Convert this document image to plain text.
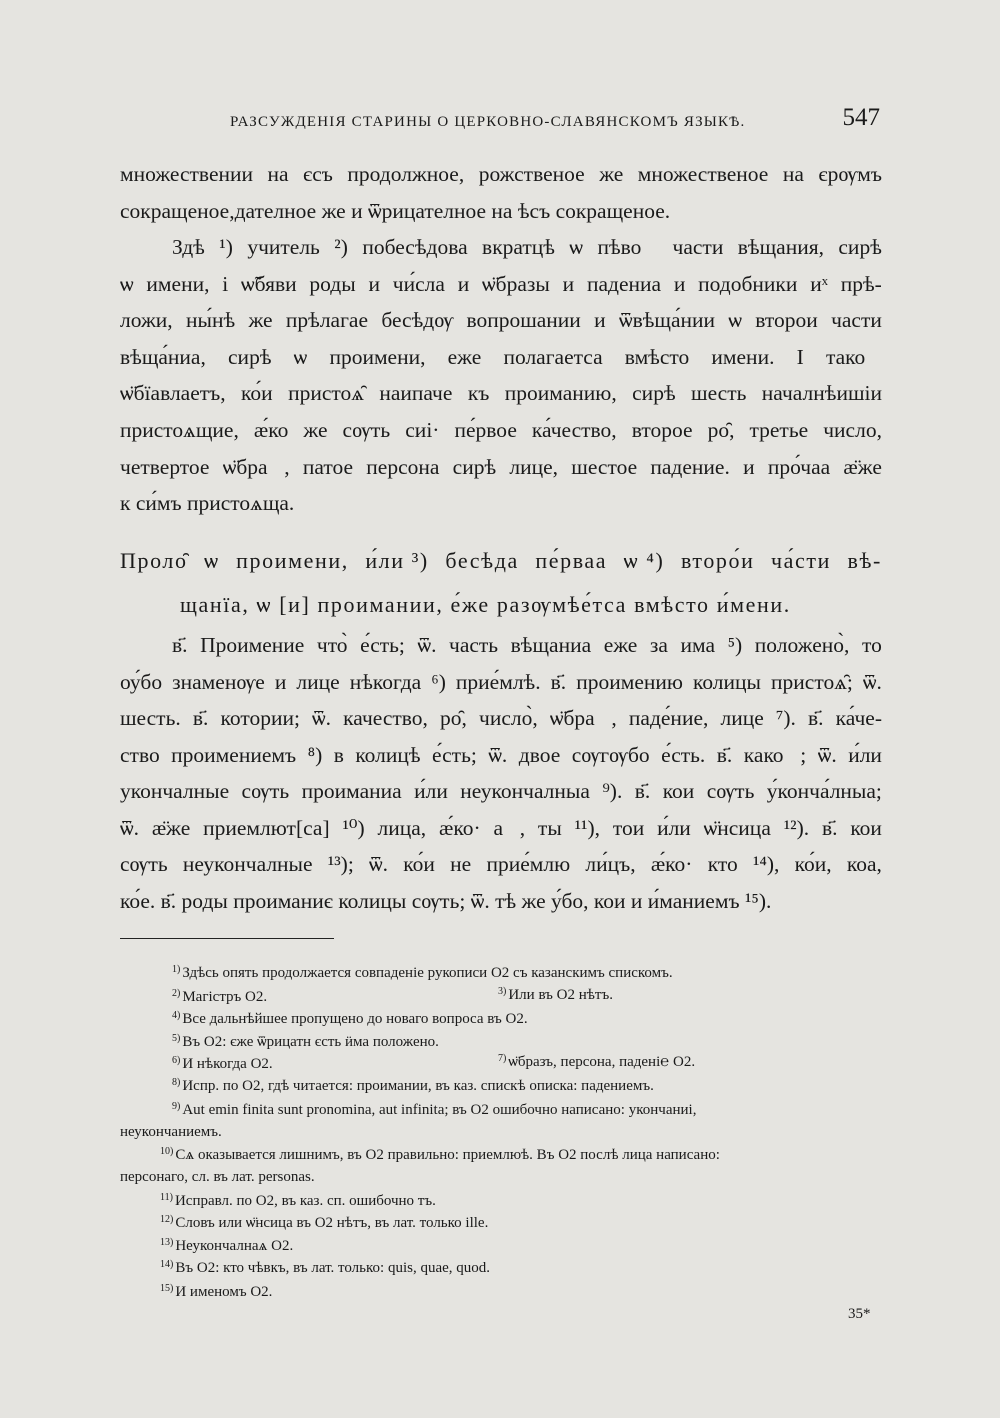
РАЗСУЖДЕНІЯ СТАРИНЫ О ЦЕРКОВНО-СЛАВЯНСКОМЪ ЯЗЫКѢ.	547
множествении на єсъ продолжное, рожственое же множественое на єрѹмъ
сокращеное,дателное же и ѿрицателное на ѣсъ сокращеное.
Здѣ ¹) учитель ²) побесѣдова вкратцѣ ѡ пѣвоᷱ части вѣщания, сирѣ
ѡ имени, і ѡ̃бяви роды и чи́сла и ѡ̈бразы и падениа и подобники иˣ прѣ-
ложи, ны́нѣ же прѣлагае бесѣдѹ вопрошании и ѿвѣща́нии ѡ второи части
вѣща́ниа, сирѣ ѡ проимени, еже полагаетса вмѣсто имени. І такоᷤ
ѡ̈бїавлаетъ, ко́и пристоѧ̑ наипаче къ проиманию, сирѣ шесть началнѣишіи
пристоѧщие, ӕ́ко же сѹть сиі· пе́рвое ка́чество, второе ро̑, третье число,
четвертое ѡ̈браᷤ, патое персона сирѣ лице, шестое падение. и про́чаа ӕ̈же
к си́мъ пристоѧща.
Проло̑ ѡ проимени, и́ли ³) бесѣда пе́рваа ѡ ⁴) второ́и ча́сти вѣ-
щанїа, ѡ [и] проимании, е́же разѹмѣе́тса вмѣсто и́мени.
в҃. Проимение что̀ е́сть; ѿ. часть вѣщаниа еже за има ⁵) положено̀, то
оу́бо знаменѹе и лице нѣкогда ⁶) прие́млѣ. в҃. проимению колицы пристоѧ̑; ѿ.
шесть. в҃. котории; ѿ. качество, ро̑, число̀, ѡ̈браᷤ, паде́ние, лице ⁷). в҃. ка́че-
ство проимениемъ ⁸) в колицѣ е́сть; ѿ. двое сѹгѹбо е́сть. в҃. какоᷤ; ѿ. и́ли
укончалные сѹть проиманиа и́ли неукончалныа ⁹). в҃. кои сѹть у́конча́лныа;
ѿ. ӕ̈же приемлют[са] ¹⁰) лица, ӕ́ко· аᷤ, ты ¹¹), тои и́ли ѡ̈нсица ¹²). в҃. кои
сѹть неукончалные ¹³); ѿ. ко́и не прие́млю ли́цъ, ӕ́ко· кто ¹⁴), ко́и, коа,
ко́е. в҃. роды проиманиє колицы сѹть; ѿ. тѣ же у́бо, кои и и́маниемъ ¹⁵).
$^{1)}$ Здѣсь опять продолжается совпаденіе рукописи О2 съ казанскимъ спискомъ.
$^{2)}$ Магістръ О2.	$^{3)}$ Или въ О2 нѣтъ.
$^{4)}$ Все дальнѣйшее пропущено до новаго вопроса въ О2.
$^{5)}$ Въ О2: єже ѿрицатн єсть ӥма положено.
$^{6)}$ И нѣкогда О2.	$^{7)}$ ѡ̈бразъ, персона, падені℮ О2.
$^{8)}$ Испр. по О2, гдѣ читается: проимании, въ каз. спискѣ описка: падениемъ.
$^{9)}$ Aut emin finita sunt pronomina, aut infinita; въ О2 ошибочно написано: укончаниі,
неукончаниемъ.
$^{10)}$ Сѧ оказывается лишнимъ, въ О2 правильно: приемлюѣ. Въ О2 послѣ лица написано:
персонаго, сл. въ лат. personas.
$^{11)}$ Исправл. по О2, въ каз. сп. ошибочно тъ.
$^{12)}$ Словъ или ѡ̈нсица въ О2 нѣтъ, въ лат. только ille.
$^{13)}$ Неукончалнаѧ О2.
$^{14)}$ Въ О2: кто чѣвкъ, въ лат. только: quis, quae, quod.
$^{15)}$ И именомъ О2.
35*
